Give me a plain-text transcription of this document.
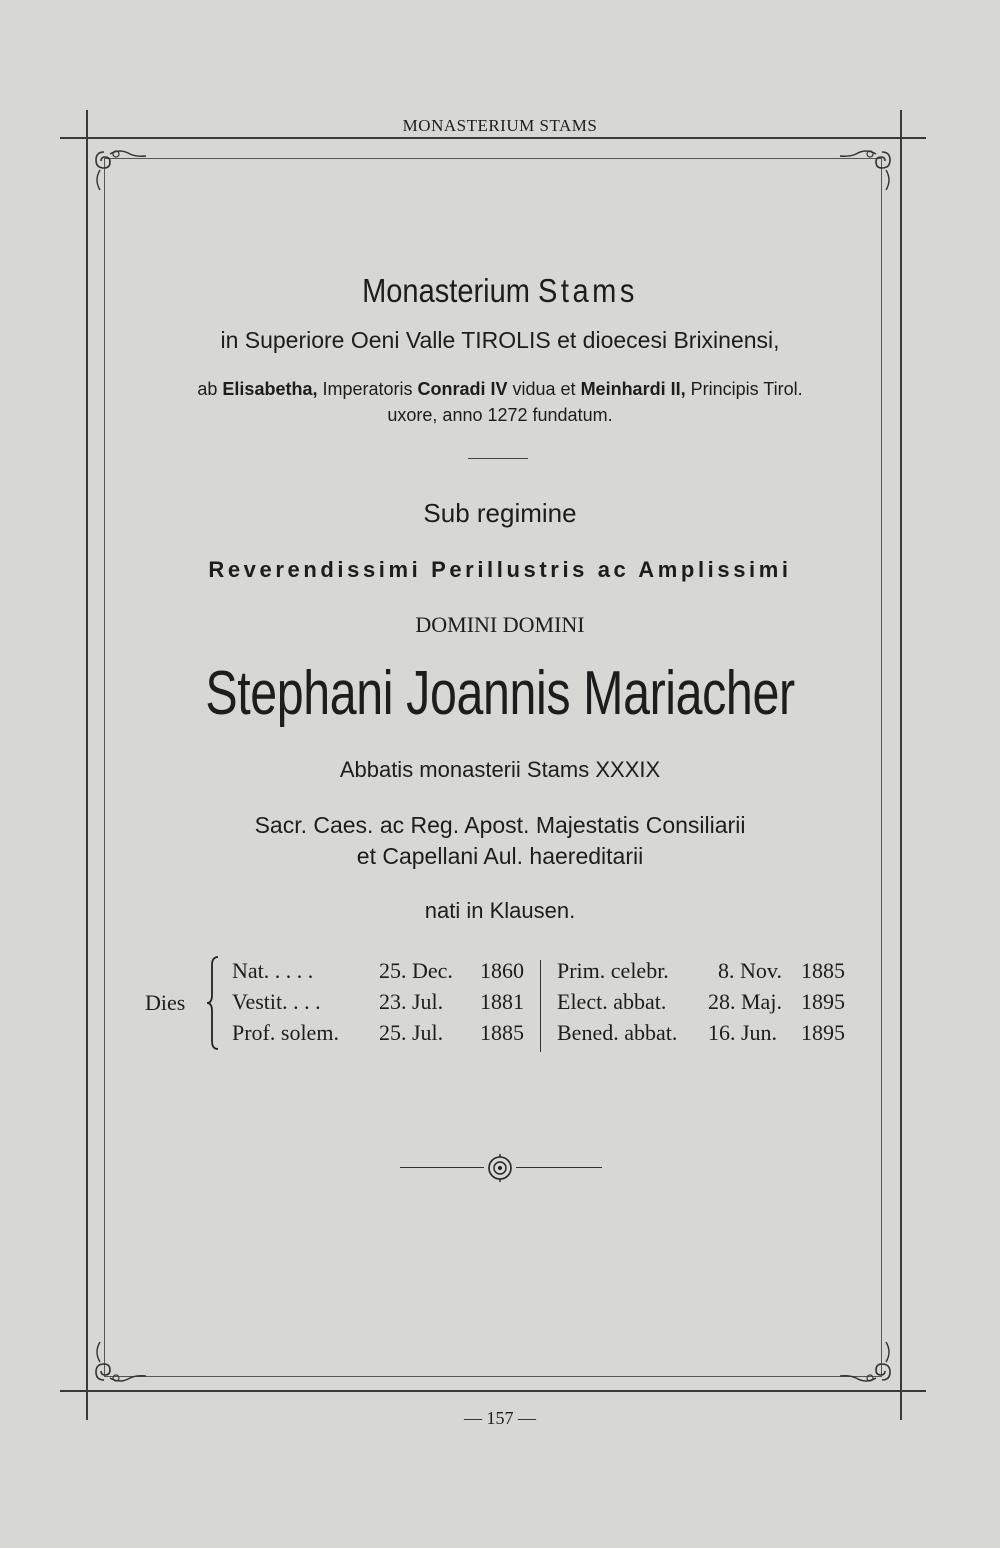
MONASTERIUM STAMS
Monasterium Stams
in Superiore Oeni Valle TIROLIS et dioecesi Brixinensi,
ab Elisabetha, Imperatoris Conradi IV vidua et Meinhardi II, Principis Tirol.
uxore, anno 1272 fundatum.
Sub regimine
Reverendissimi Perillustris ac Amplissimi
DOMINI DOMINI
Stephani Joannis Mariacher
Abbatis monasterii Stams XXXIX
Sacr. Caes. ac Reg. Apost. Majestatis Consiliarii
et Capellani Aul. haereditarii
nati in Klausen.
Dies
Nat. . . . .	25. Dec. 1860
Vestit. . . .	23. Jul. 1881
Prof. solem. 25. Jul. 1885
Prim. celebr. 8. Nov. 1885
Elect. abbat. 28. Maj. 1895
Bened. abbat. 16. Jun. 1895
— 157 —
